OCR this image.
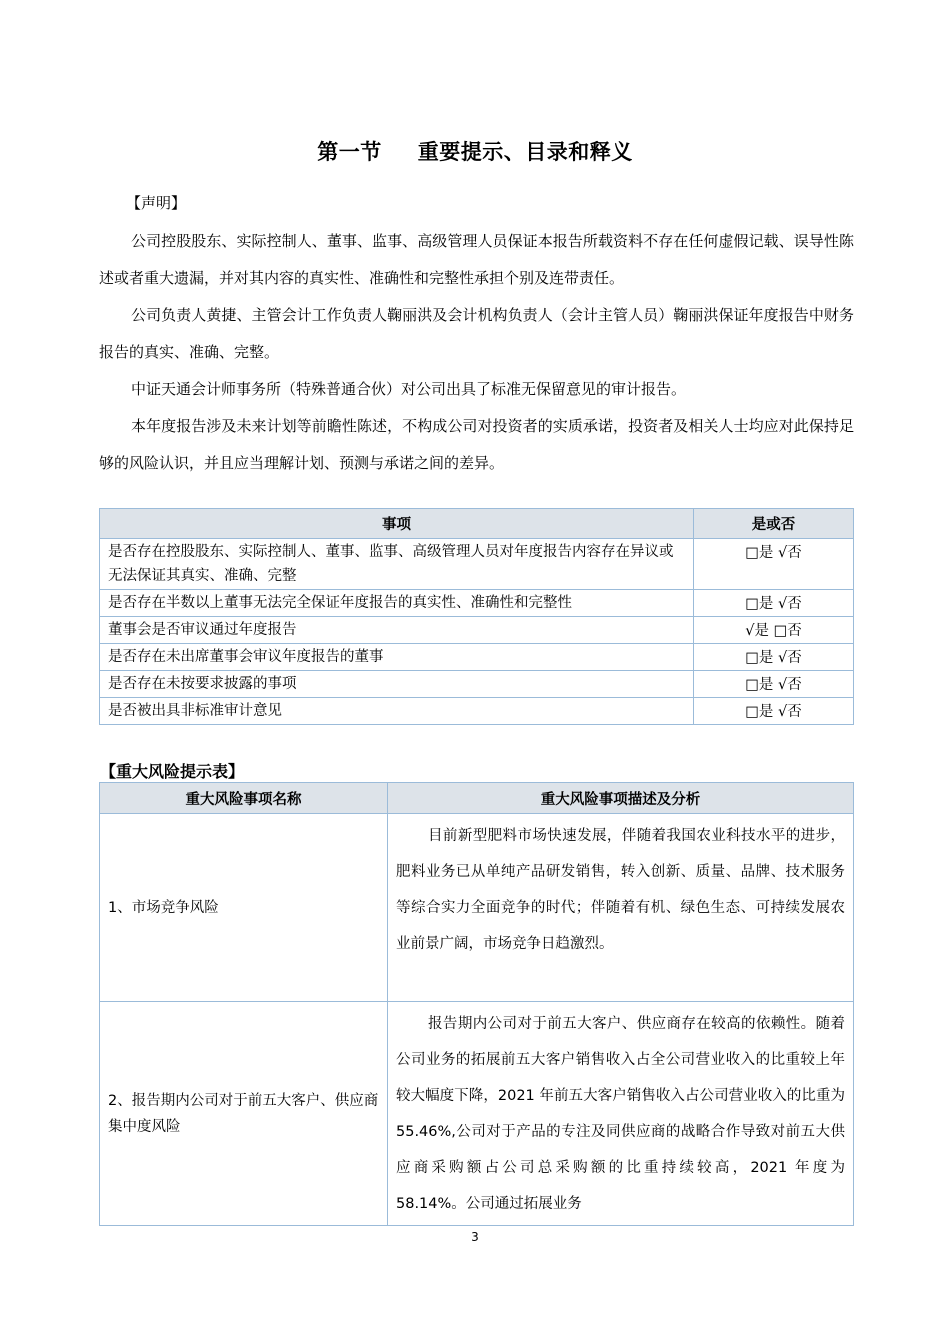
第一节 重要提示、目录和释义
【声明】
公司控股股东、实际控制人、董事、监事、高级管理人员保证本报告所载资料不存在任何虚假记载、误导性陈述或者重大遗漏，并对其内容的真实性、准确性和完整性承担个别及连带责任。
公司负责人黄捷、主管会计工作负责人鞠丽洪及会计机构负责人（会计主管人员）鞠丽洪保证年度报告中财务报告的真实、准确、完整。
中证天通会计师事务所（特殊普通合伙）对公司出具了标准无保留意见的审计报告。
本年度报告涉及未来计划等前瞻性陈述，不构成公司对投资者的实质承诺，投资者及相关人士均应对此保持足够的风险认识，并且应当理解计划、预测与承诺之间的差异。
事项	是或否
是否存在控股股东、实际控制人、董事、监事、高级管理人员对年度报告内容存在异议或无法保证其真实、准确、完整	□是 √否
是否存在半数以上董事无法完全保证年度报告的真实性、准确性和完整性	□是 √否
董事会是否审议通过年度报告	√是 □否
是否存在未出席董事会审议年度报告的董事	□是 √否
是否存在未按要求披露的事项	□是 √否
是否被出具非标准审计意见	□是 √否
【重大风险提示表】
重大风险事项名称	重大风险事项描述及分析
1、市场竞争风险	目前新型肥料市场快速发展，伴随着我国农业科技水平的进步，肥料业务已从单纯产品研发销售，转入创新、质量、品牌、技术服务等综合实力全面竞争的时代；伴随着有机、绿色生态、可持续发展农业前景广阔，市场竞争日趋激烈。
2、报告期内公司对于前五大客户、供应商集中度风险	报告期内公司对于前五大客户、供应商存在较高的依赖性。随着公司业务的拓展前五大客户销售收入占全公司营业收入的比重较上年较大幅度下降，2021 年前五大客户销售收入占公司营业收入的比重为 55.46%,公司对于产品的专注及同供应商的战略合作导致对前五大供应商采购额占公司总采购额的比重持续较高，2021 年度为 58.14%。公司通过拓展业务
3
